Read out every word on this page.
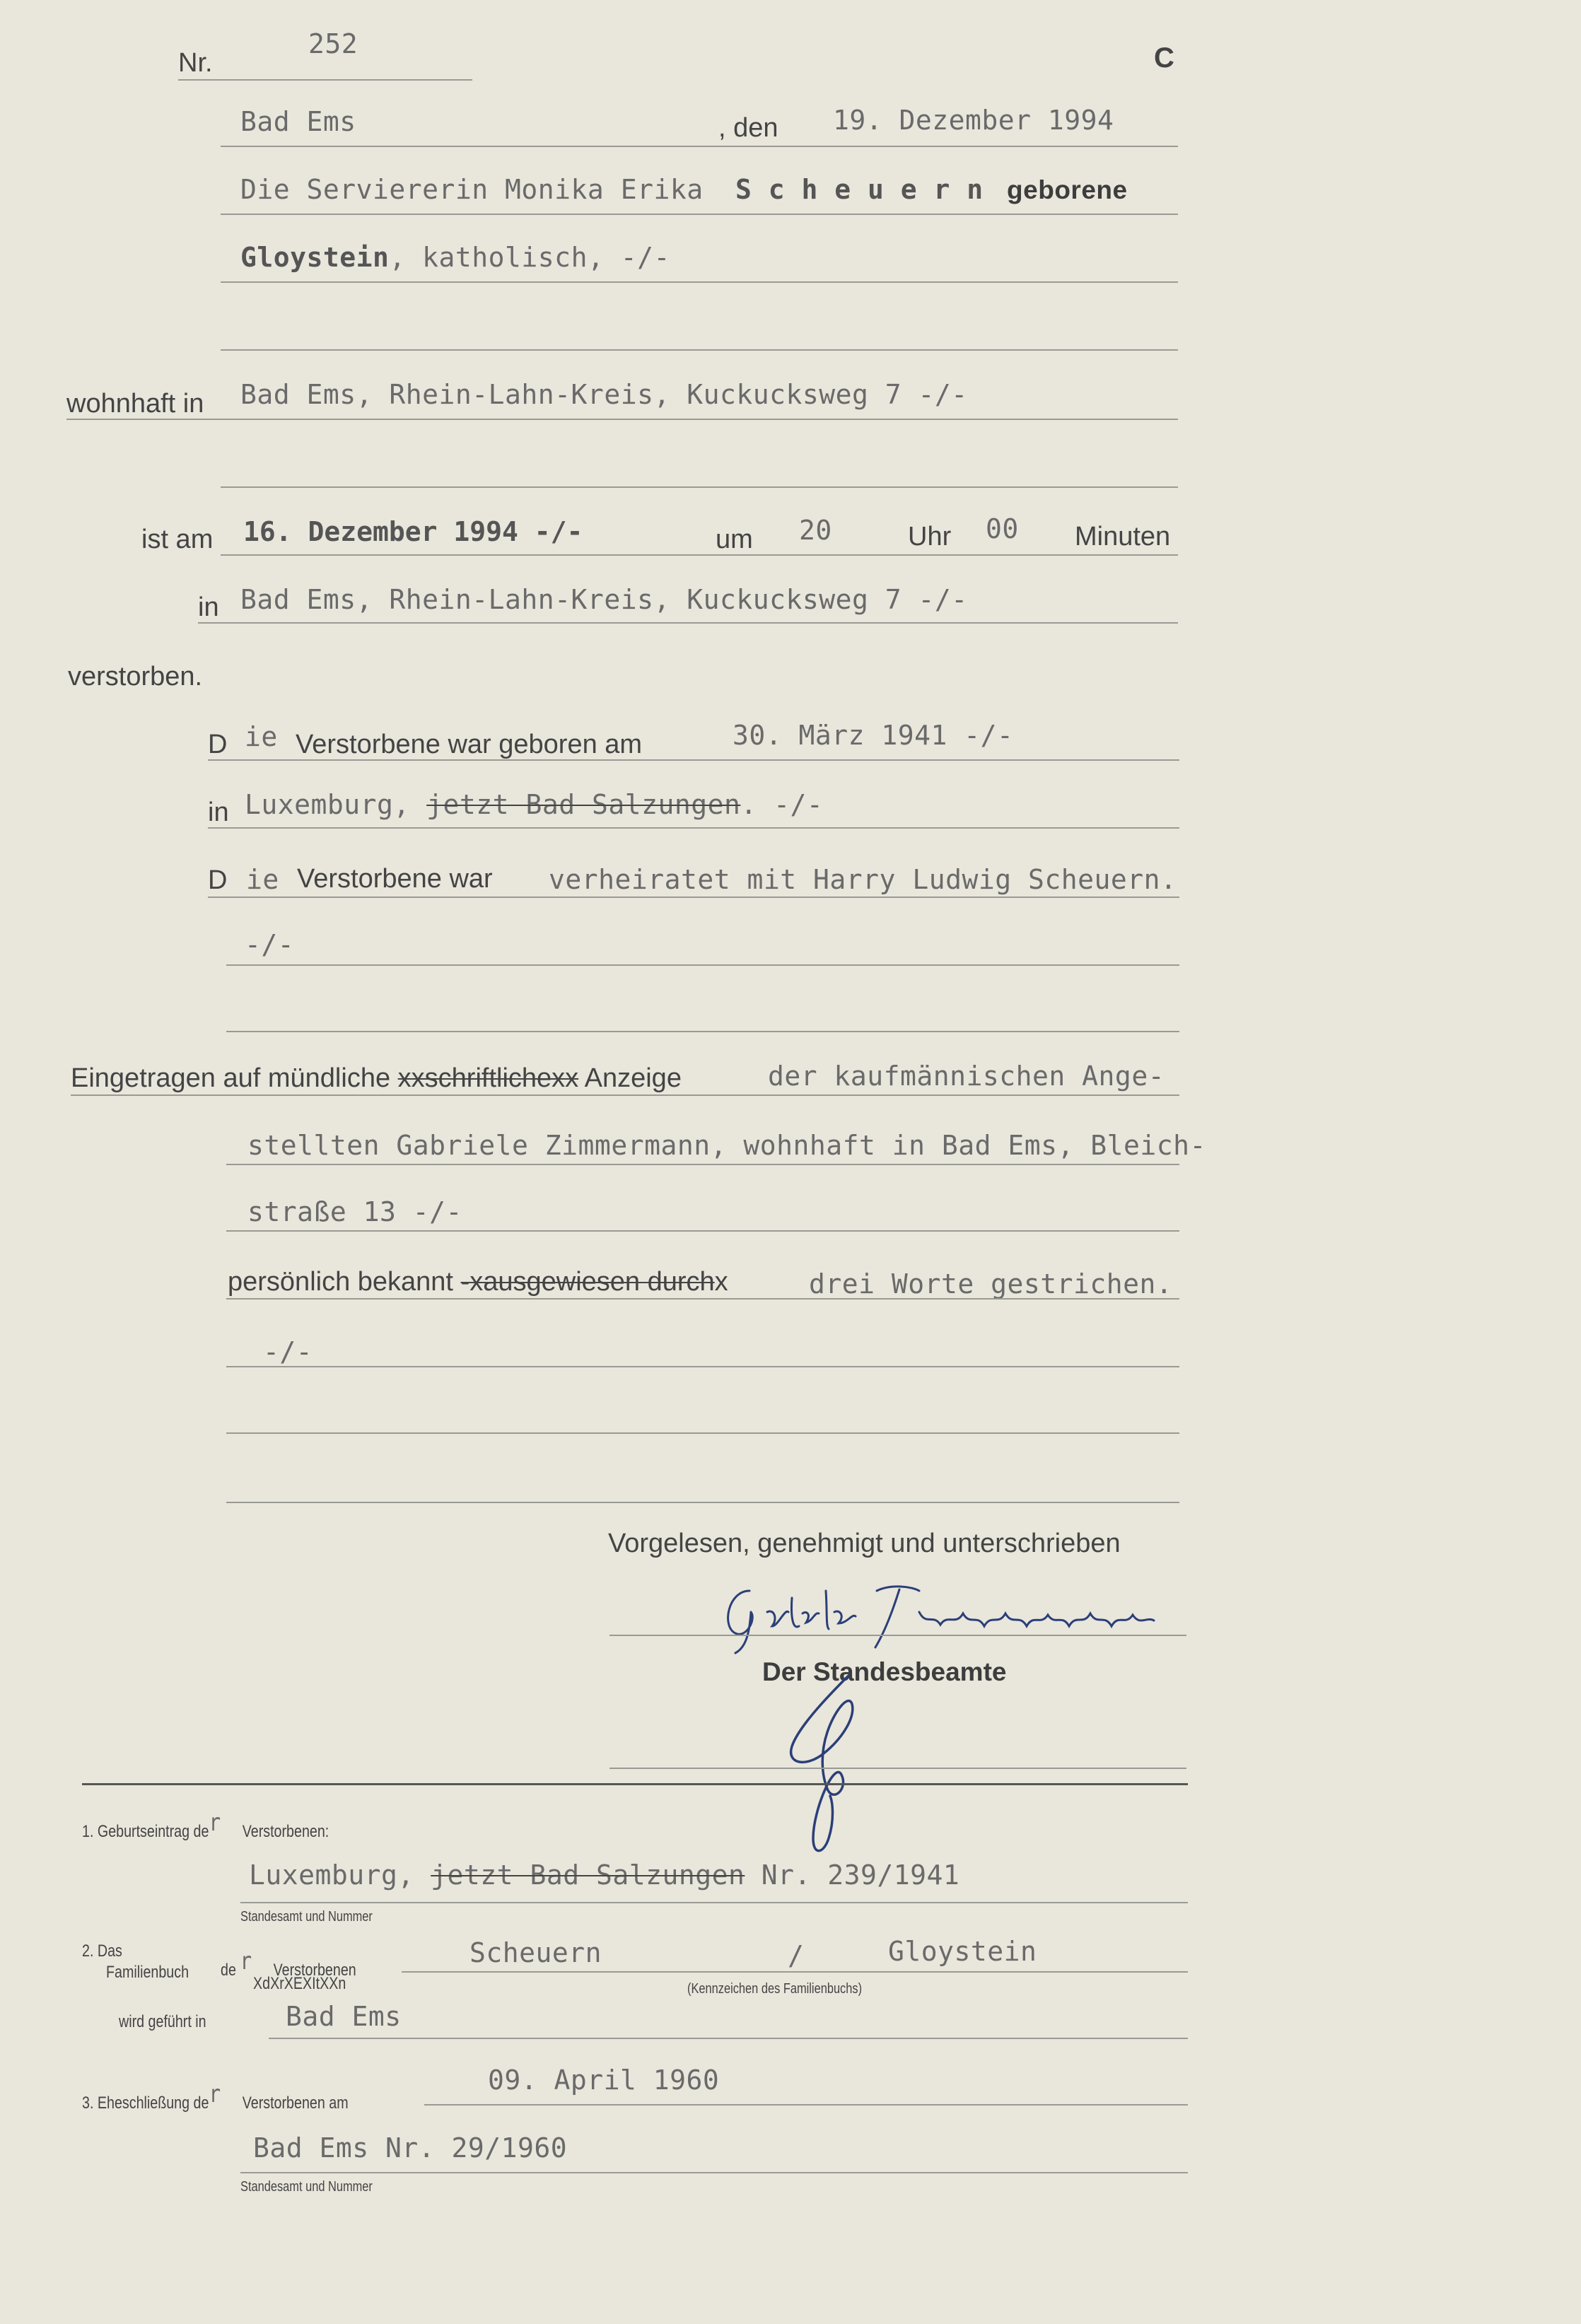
Nr.
252	C
Bad Ems	, den 19. Dezember 1994
Die Serviererin Monika Erika S c h e u e r n geborene
Gloystein, katholisch, -/-
wohnhaft in Bad Ems, Rhein-Lahn-Kreis, Kuckucksweg 7 -/-
ist am 16. Dezember 1994 -/-	um 20	Uhr 00 Minuten
in Bad Ems, Rhein-Lahn-Kreis, Kuckucksweg 7 -/-
verstorben.
D ie Verstorbene war geboren am	30. März 1941 -/-
in Luxemburg, jetzt Bad Salzungen. -/-
D ie Verstorbene war verheiratet mit Harry Ludwig Scheuern.
-/-
Eingetragen auf mündliche xxschriftlichexx Anzeige	der kaufmännischen Ange-
stellten Gabriele Zimmermann, wohnhaft in Bad Ems, Bleich-
straße 13 -/-
persönlich bekannt -xausgewiesen durchx	drei Worte gestrichen.
-/-
Vorgelesen, genehmigt und unterschrieben
Der Standesbeamte
1. Geburtseintrag der Verstorbenen:
Luxemburg, jetzt Bad Salzungen Nr. 239/1941
Standesamt und Nummer
2. Das
Familienbuch de r Verstorbenen
XdXrXEXItXXn
Scheuern	/	Gloystein
(Kennzeichen des Familienbuchs)
wird geführt in	Bad Ems
3. Eheschließung der Verstorbenen am
09. April 1960
Bad Ems Nr. 29/1960
Standesamt und Nummer
